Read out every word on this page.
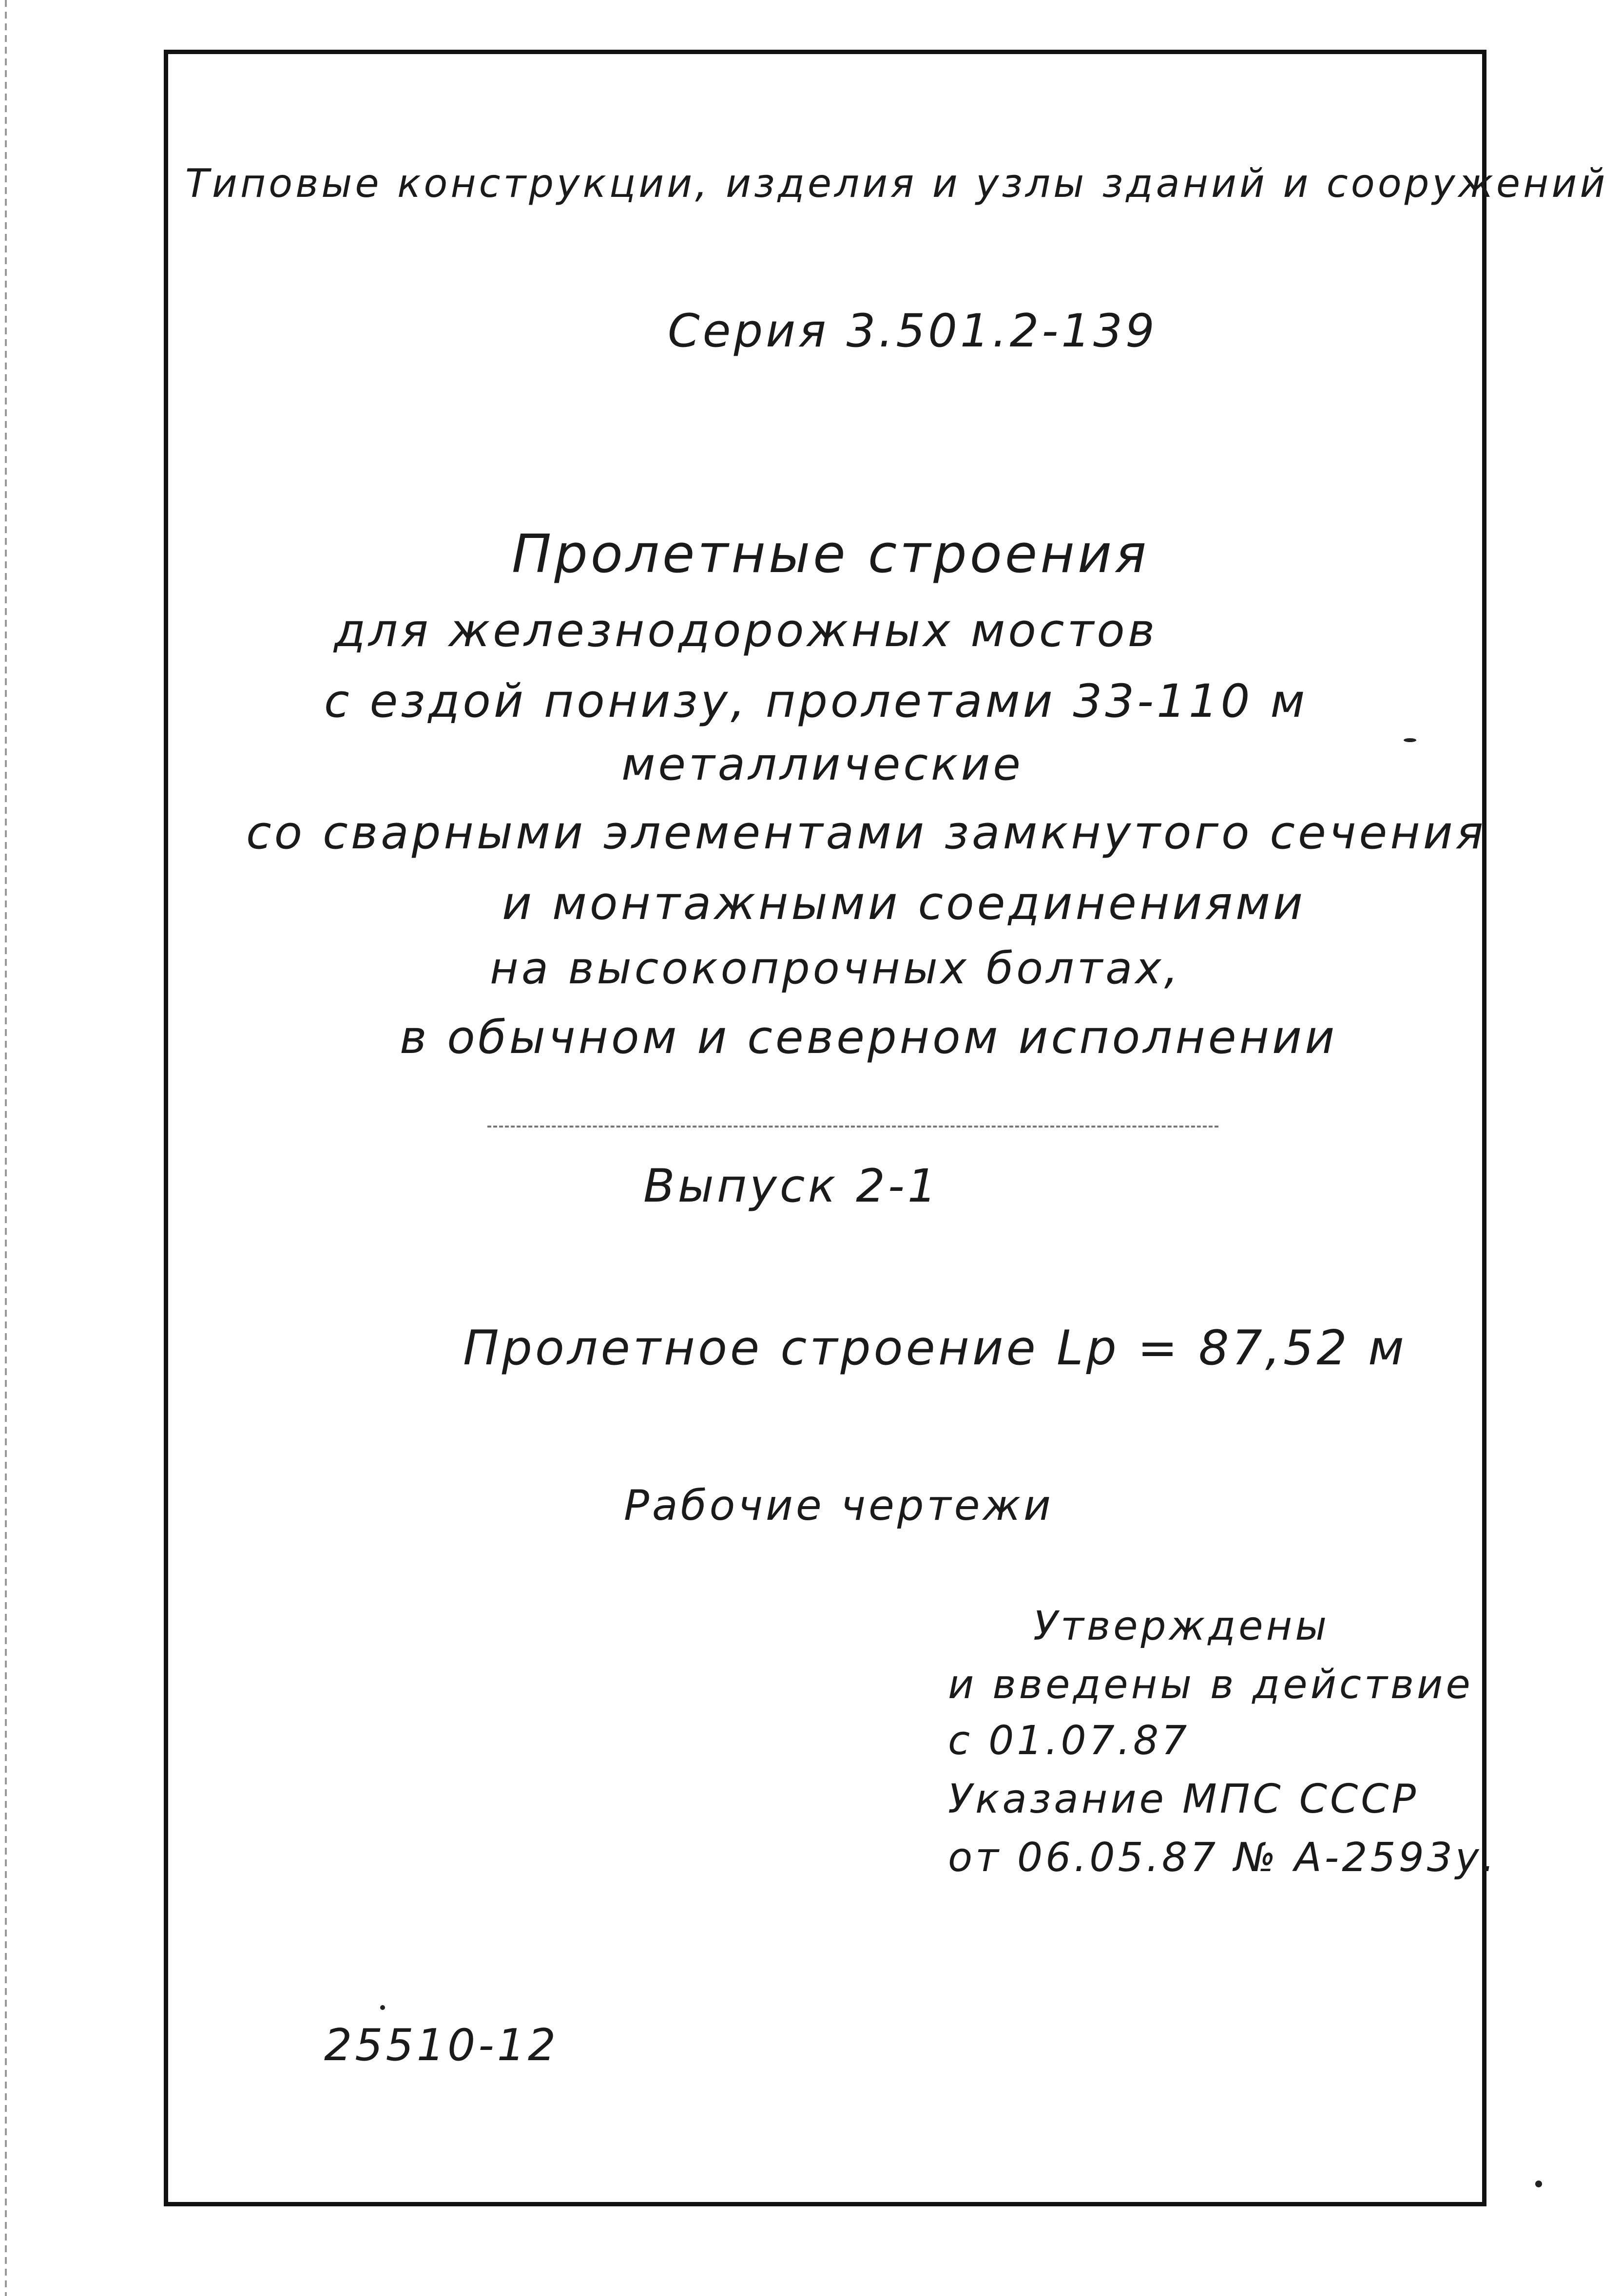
Типовые конструкции, изделия и узлы зданий и сооружений
Серия 3.501.2-139
Пролетные строения
для железнодорожных мостов
с ездой понизу, пролетами 33-110 м
металлические
со сварными элементами замкнутого сечения
и монтажными соединениями
на высокопрочных болтах,
в обычном и северном исполнении
Выпуск 2-1
Пролетное строение Lp = 87,52 м
Рабочие чертежи
Утверждены
и введены в действие
с 01.07.87
Указание МПС СССР
от 06.05.87 № А-2593у.
25510-12
